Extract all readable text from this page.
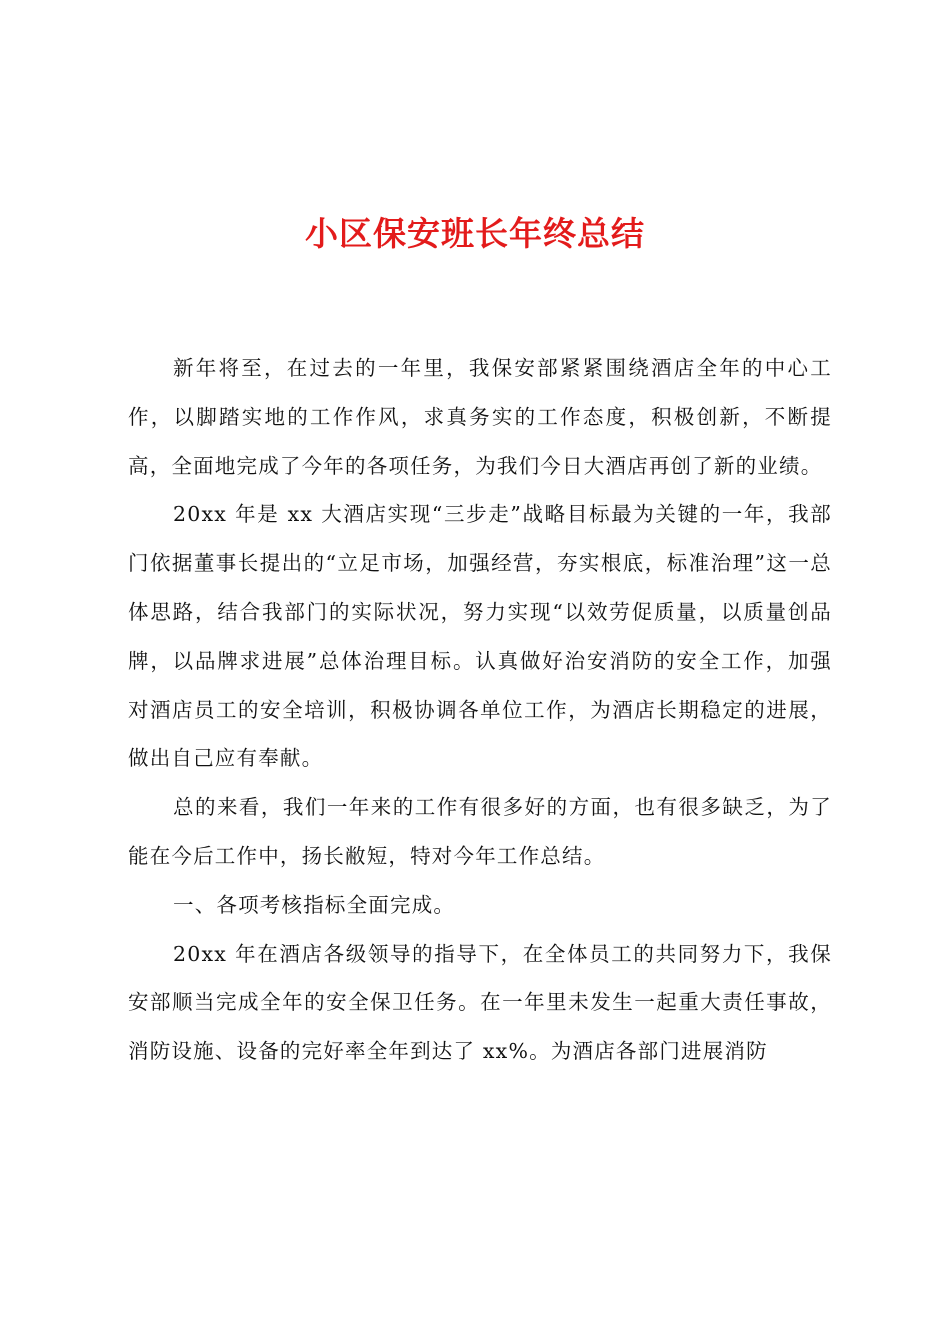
小区保安班长年终总结

新年将至，在过去的一年里，我保安部紧紧围绕酒店全年的中心工作，以脚踏实地的工作作风，求真务实的工作态度，积极创新，不断提高，全面地完成了今年的各项任务，为我们今日大酒店再创了新的业绩。

20xx 年是 xx 大酒店实现“三步走”战略目标最为关键的一年，我部门依据董事长提出的“立足市场，加强经营，夯实根底，标准治理”这一总体思路，结合我部门的实际状况，努力实现“以效劳促质量，以质量创品牌，以品牌求进展”总体治理目标。认真做好治安消防的安全工作，加强对酒店员工的安全培训，积极协调各单位工作，为酒店长期稳定的进展，做出自己应有奉献。

总的来看，我们一年来的工作有很多好的方面，也有很多缺乏，为了能在今后工作中，扬长敝短，特对今年工作总结。

一、各项考核指标全面完成。

20xx 年在酒店各级领导的指导下，在全体员工的共同努力下，我保安部顺当完成全年的安全保卫任务。在一年里未发生一起重大责任事故，消防设施、设备的完好率全年到达了 xx%。为酒店各部门进展消防
